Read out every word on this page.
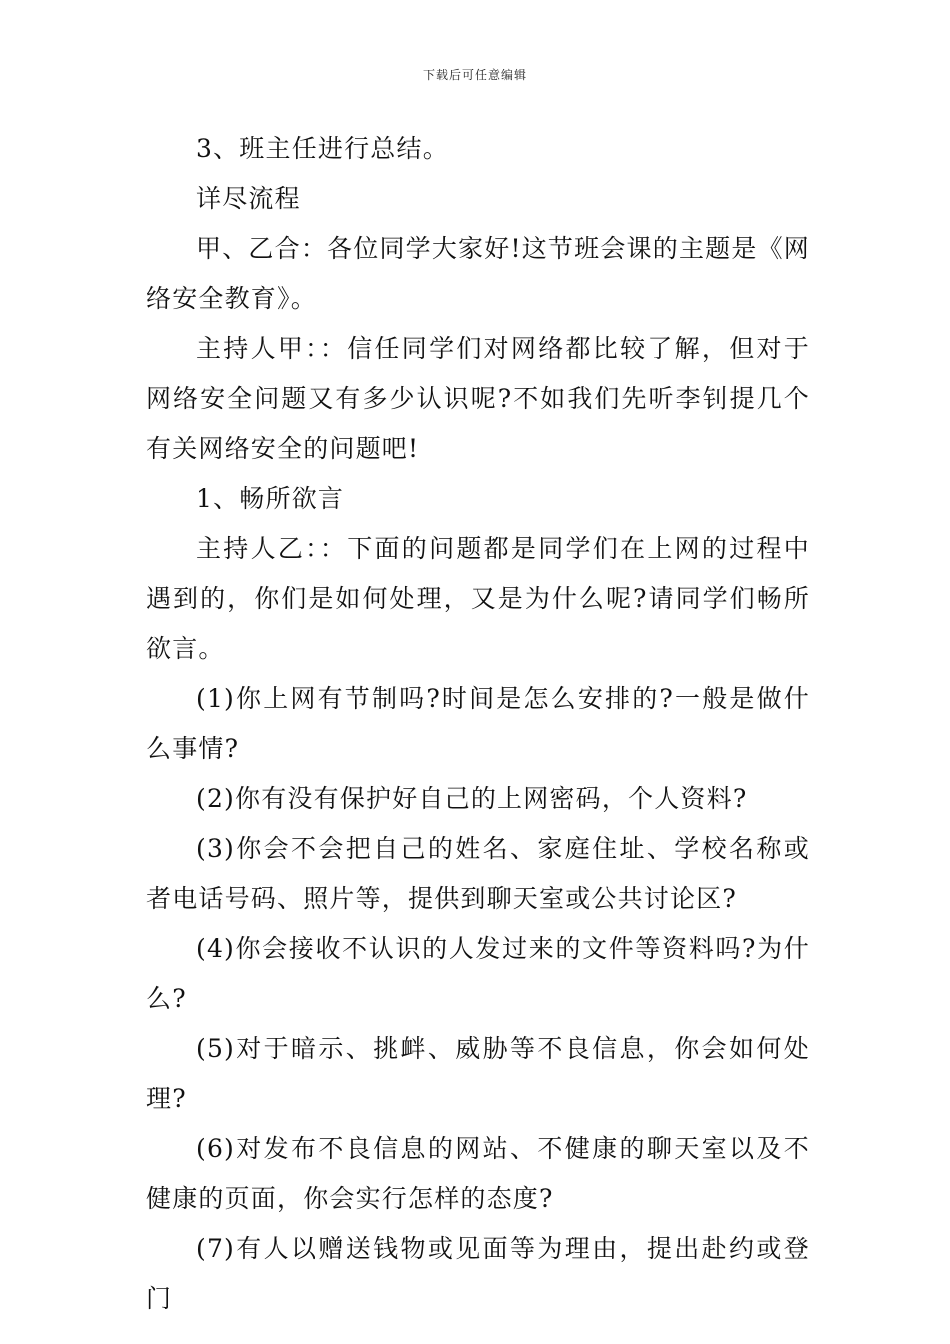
下载后可任意编辑

3、班主任进行总结。

详尽流程

甲、乙合：各位同学大家好!这节班会课的主题是《网络安全教育》。

主持人甲：：信任同学们对网络都比较了解，但对于网络安全问题又有多少认识呢?不如我们先听李钊提几个有关网络安全的问题吧!

1、畅所欲言

主持人乙：：下面的问题都是同学们在上网的过程中遇到的，你们是如何处理，又是为什么呢?请同学们畅所欲言。

(1)你上网有节制吗?时间是怎么安排的?一般是做什么事情?

(2)你有没有保护好自己的上网密码，个人资料?

(3)你会不会把自己的姓名、家庭住址、学校名称或者电话号码、照片等，提供到聊天室或公共讨论区?

(4)你会接收不认识的人发过来的文件等资料吗?为什么?

(5)对于暗示、挑衅、威胁等不良信息，你会如何处理?

(6)对发布不良信息的网站、不健康的聊天室以及不健康的页面，你会实行怎样的态度?

(7)有人以赠送钱物或见面等为理由，提出赴约或登门
